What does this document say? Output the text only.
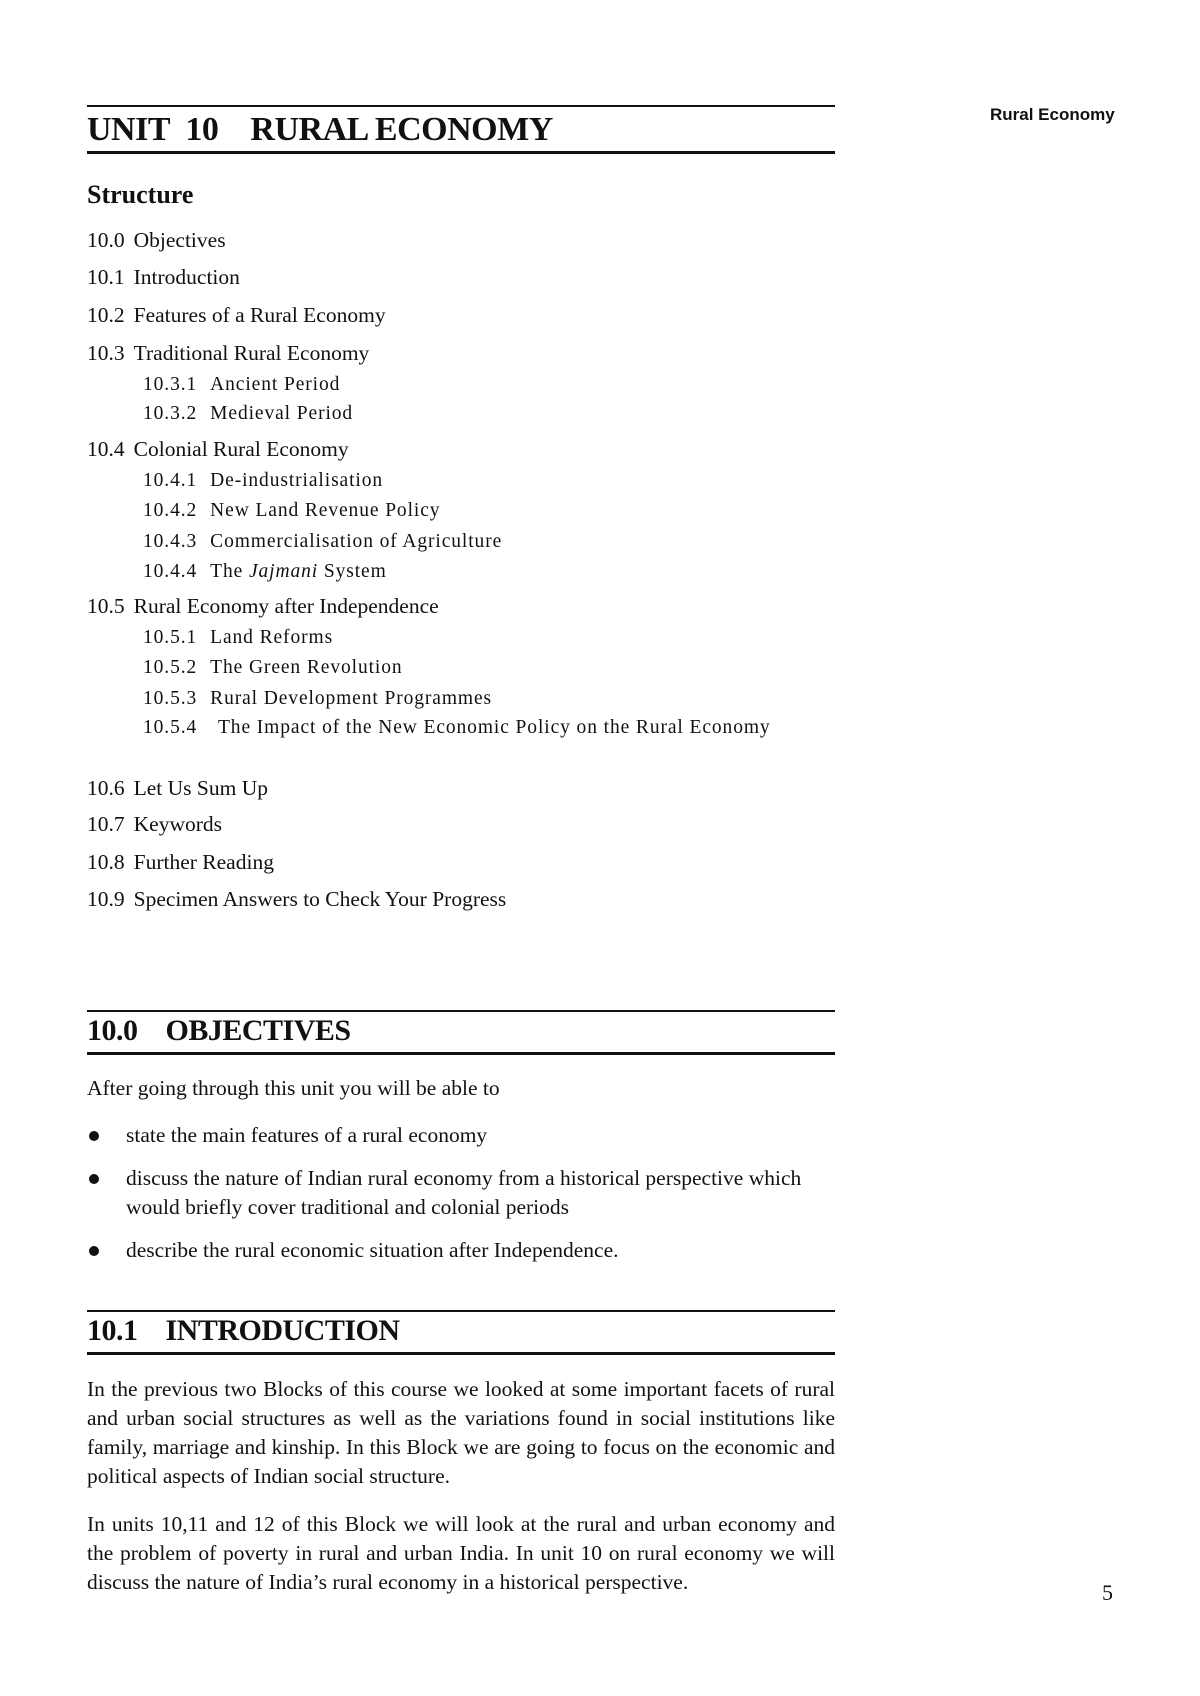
Rural Economy
UNIT  10    RURAL ECONOMY
Structure
10.0 Objectives
10.1 Introduction
10.2 Features of a Rural Economy
10.3 Traditional Rural Economy
10.3.1 Ancient Period
10.3.2 Medieval Period
10.4 Colonial Rural Economy
10.4.1 De-industrialisation
10.4.2 New Land Revenue Policy
10.4.3 Commercialisation of Agriculture
10.4.4 The Jajmani System
10.5 Rural Economy after Independence
10.5.1 Land Reforms
10.5.2 The Green Revolution
10.5.3 Rural Development Programmes
10.5.4 The Impact of the New Economic Policy on the Rural Economy
10.6 Let Us Sum Up
10.7 Keywords
10.8 Further Reading
10.9 Specimen Answers to Check Your Progress
10.0    OBJECTIVES
After going through this unit you will be able to
state the main features of a rural economy
discuss the nature of Indian rural economy from a historical perspective which would briefly cover traditional and colonial periods
describe the rural economic situation after Independence.
10.1    INTRODUCTION
In the previous two Blocks of this course we looked at some important facets of rural and urban social structures as well as the variations found in social institutions like family, marriage and kinship. In this Block we are going to focus on the economic and political aspects of Indian social structure.
In units 10,11 and 12 of this Block we will look at the rural and urban economy and the problem of poverty in rural and urban India. In unit 10 on rural economy we will discuss the nature of India’s rural economy in a historical perspective.	5
